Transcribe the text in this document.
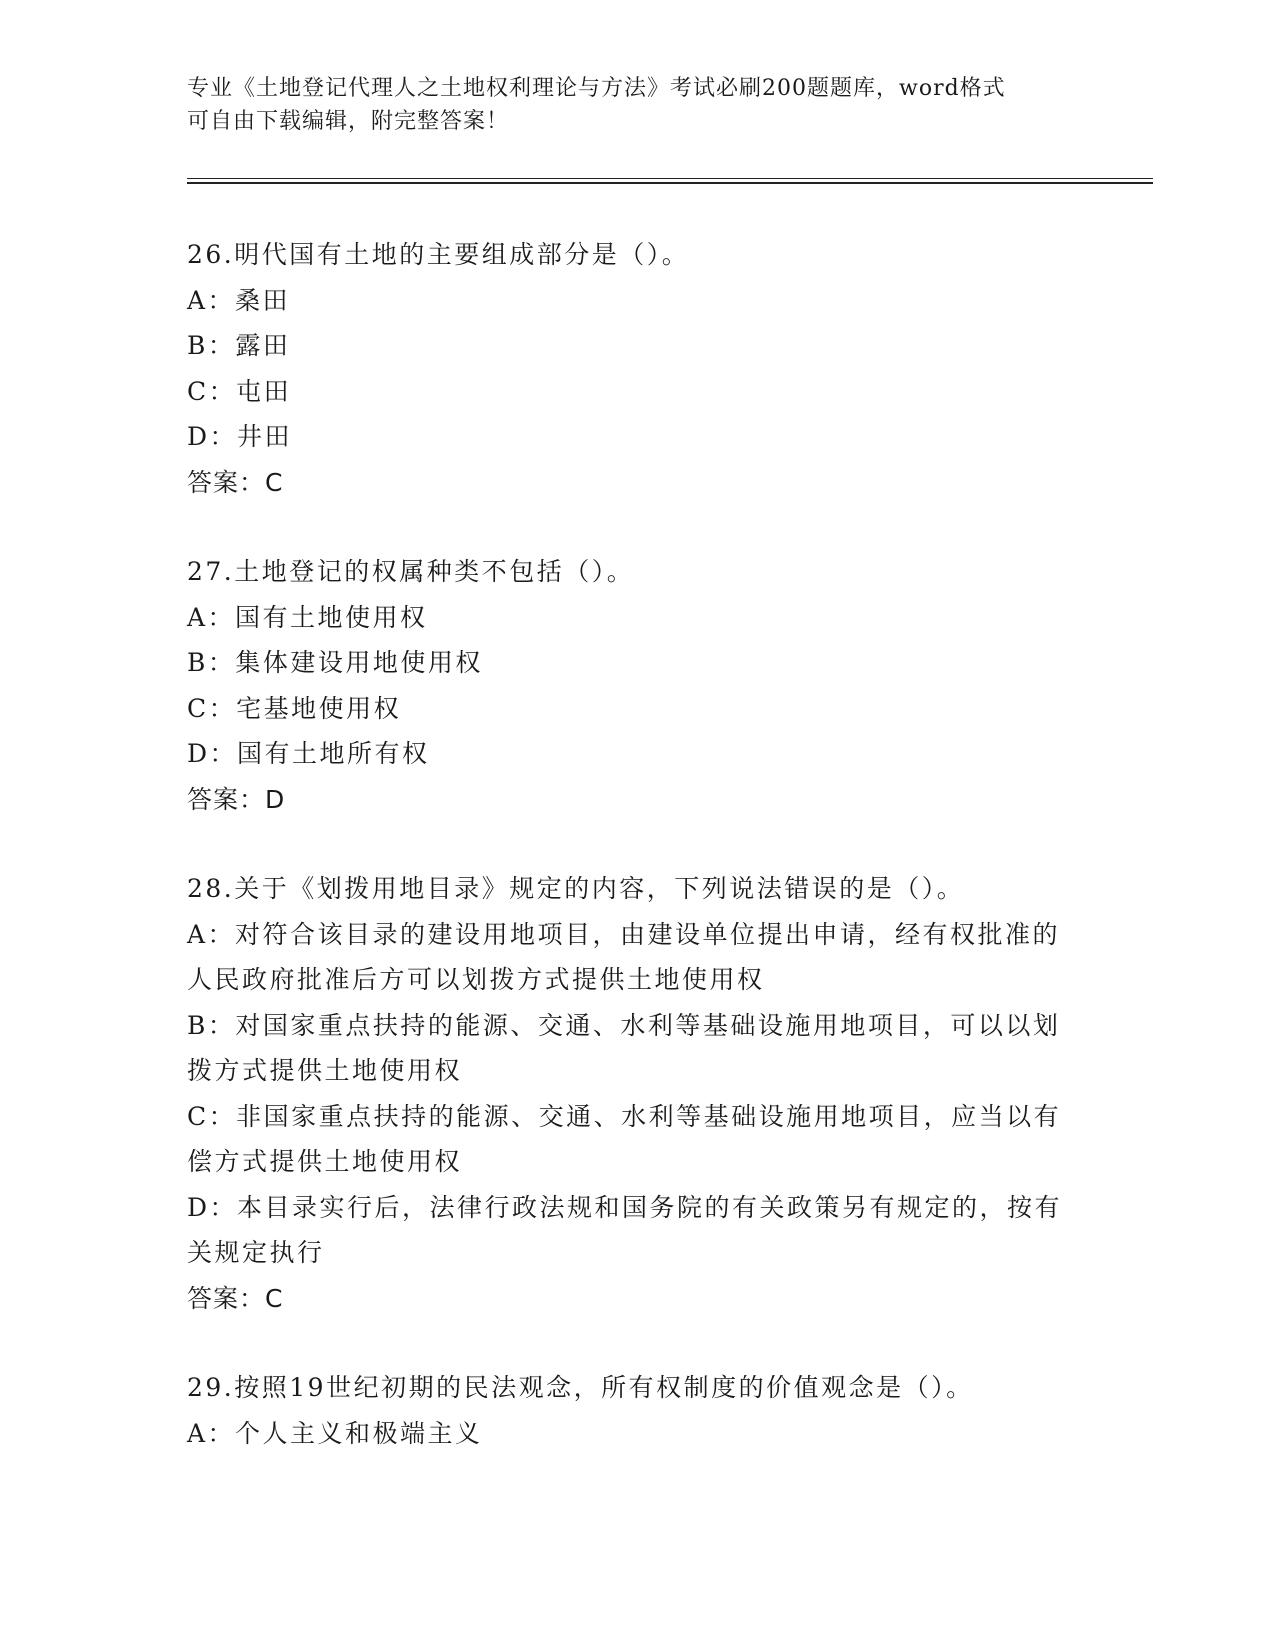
专业《土地登记代理人之土地权利理论与方法》考试必刷200题题库，word格式
可自由下载编辑，附完整答案！

26.明代国有土地的主要组成部分是（）。

A：桑田

B：露田

C：屯田

D：井田

答案：C

27.土地登记的权属种类不包括（）。

A：国有土地使用权

B：集体建设用地使用权

C：宅基地使用权

D：国有土地所有权

答案：D

28.关于《划拨用地目录》规定的内容，下列说法错误的是（）。

A：对符合该目录的建设用地项目，由建设单位提出申请，经有权批准的人民政府批准后方可以划拨方式提供土地使用权

B：对国家重点扶持的能源、交通、水利等基础设施用地项目，可以以划拨方式提供土地使用权

C：非国家重点扶持的能源、交通、水利等基础设施用地项目，应当以有偿方式提供土地使用权

D：本目录实行后，法律行政法规和国务院的有关政策另有规定的，按有关规定执行

答案：C

29.按照19世纪初期的民法观念，所有权制度的价值观念是（）。

A：个人主义和极端主义
